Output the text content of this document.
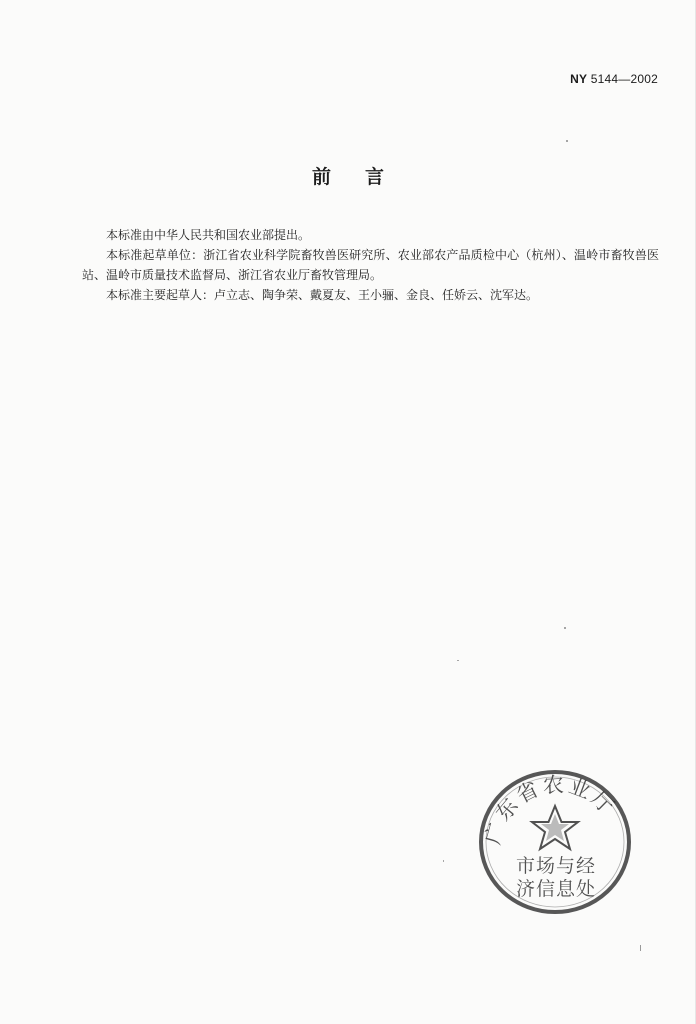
NY 5144—2002
前言

本标准由中华人民共和国农业部提出。

本标准起草单位：浙江省农业科学院畜牧兽医研究所、农业部农产品质检中心（杭州）、温岭市畜牧兽医站、温岭市质量技术监督局、浙江省农业厅畜牧管理局。

本标准主要起草人：卢立志、陶争荣、戴夏友、王小骊、金良、任娇云、沈军达。

广东省农业厅
市场与经
济信息处
